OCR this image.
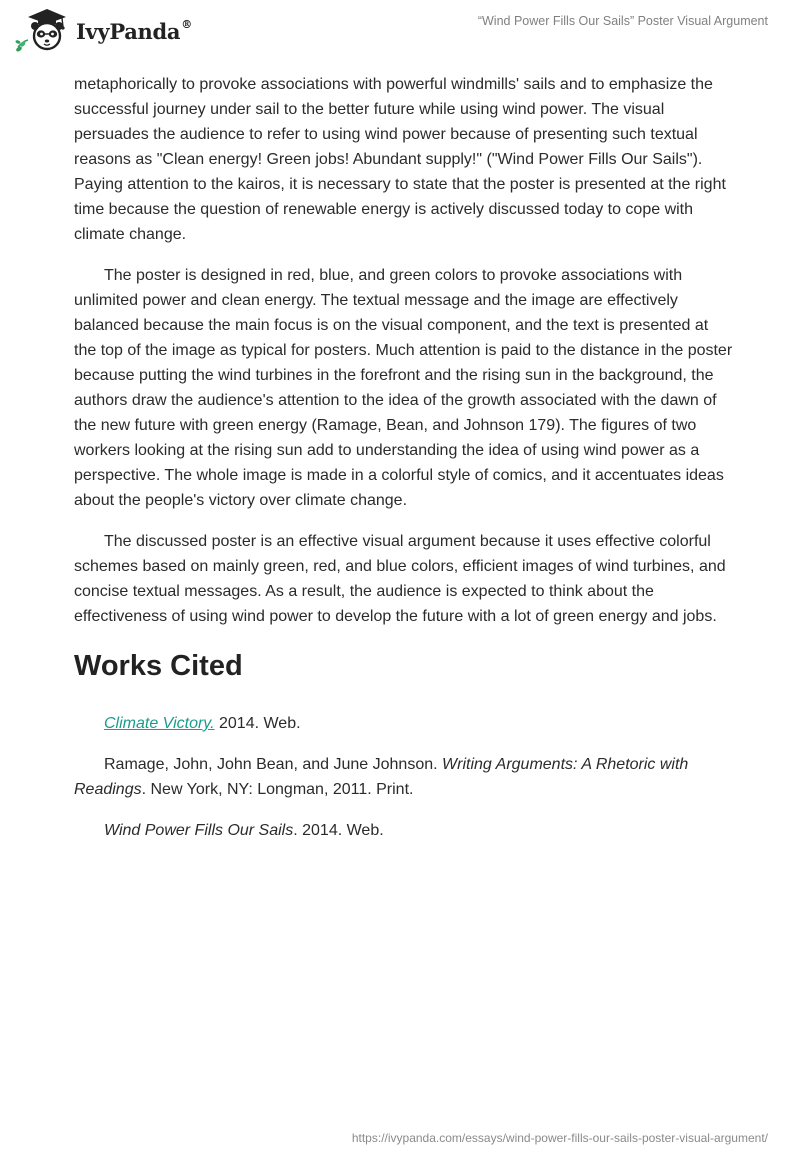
IvyPanda®	“Wind Power Fills Our Sails” Poster Visual Argument

metaphorically to provoke associations with powerful windmills' sails and to emphasize the successful journey under sail to the better future while using wind power. The visual persuades the audience to refer to using wind power because of presenting such textual reasons as "Clean energy! Green jobs! Abundant supply!" ("Wind Power Fills Our Sails"). Paying attention to the kairos, it is necessary to state that the poster is presented at the right time because the question of renewable energy is actively discussed today to cope with climate change.

The poster is designed in red, blue, and green colors to provoke associations with unlimited power and clean energy. The textual message and the image are effectively balanced because the main focus is on the visual component, and the text is presented at the top of the image as typical for posters. Much attention is paid to the distance in the poster because putting the wind turbines in the forefront and the rising sun in the background, the authors draw the audience's attention to the idea of the growth associated with the dawn of the new future with green energy (Ramage, Bean, and Johnson 179). The figures of two workers looking at the rising sun add to understanding the idea of using wind power as a perspective. The whole image is made in a colorful style of comics, and it accentuates ideas about the people's victory over climate change.

The discussed poster is an effective visual argument because it uses effective colorful schemes based on mainly green, red, and blue colors, efficient images of wind turbines, and concise textual messages. As a result, the audience is expected to think about the effectiveness of using wind power to develop the future with a lot of green energy and jobs.

Works Cited

Climate Victory. 2014. Web.

Ramage, John, John Bean, and June Johnson. Writing Arguments: A Rhetoric with Readings. New York, NY: Longman, 2011. Print.

Wind Power Fills Our Sails. 2014. Web.

https://ivypanda.com/essays/wind-power-fills-our-sails-poster-visual-argument/
